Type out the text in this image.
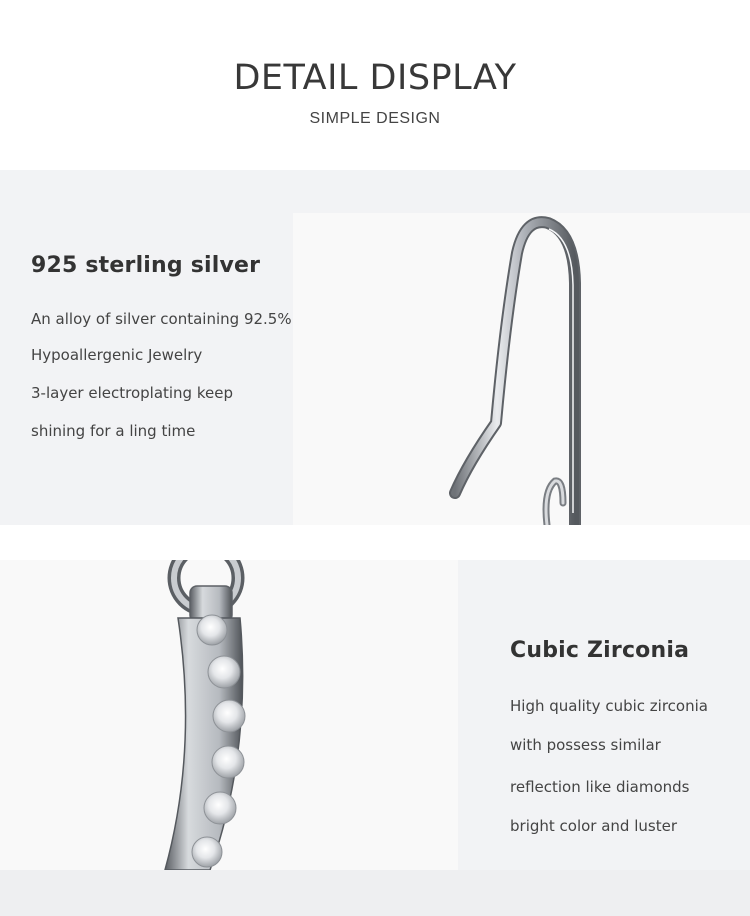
DETAIL DISPLAY
SIMPLE DESIGN
925 sterling silver
An alloy of silver containing 92.5%
Hypoallergenic Jewelry
3-layer electroplating keep
shining for a ling time
Cubic Zirconia
High quality cubic zirconia
with possess similar
reflection like diamonds
bright color and luster
